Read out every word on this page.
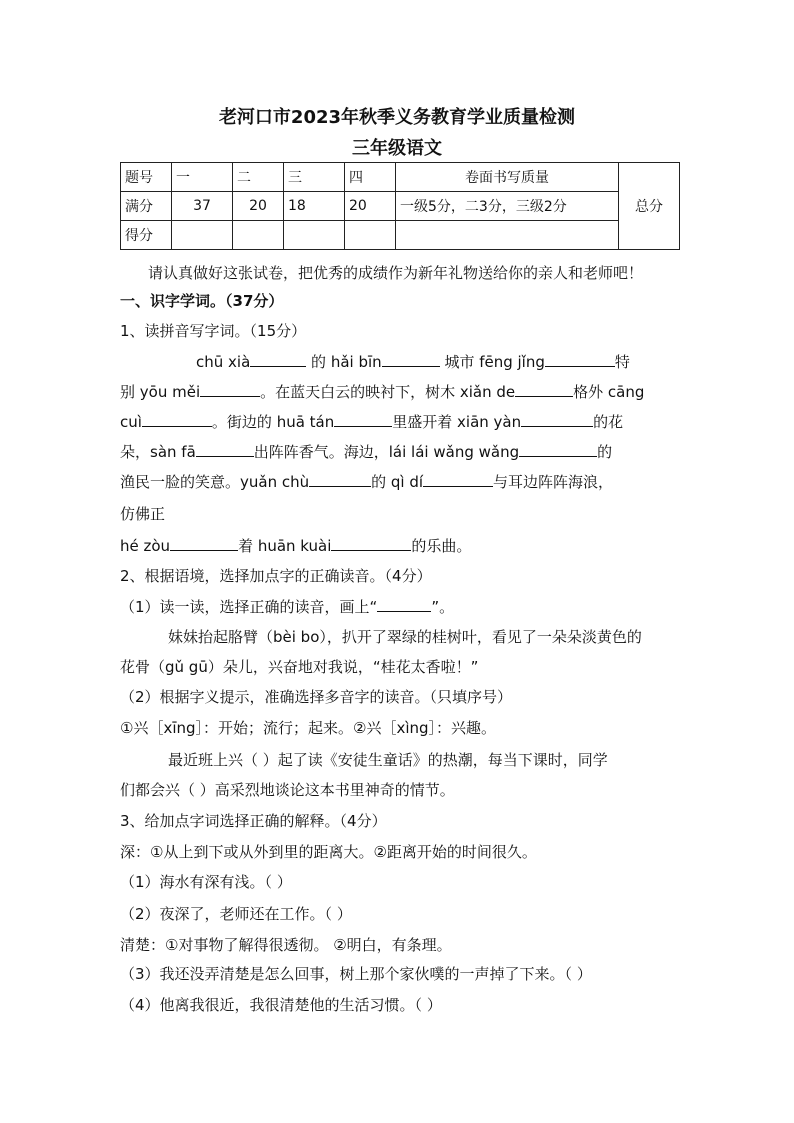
老河口市2023年秋季义务教育学业质量检测
三年级语文
题号	一	二	三	四	卷面书写质量	总分
满分	37	20	18	20	一级5分，二3分，三级2分	
得分						
请认真做好这张试卷，把优秀的成绩作为新年礼物送给你的亲人和老师吧！
一、识字学词。（37分）
1、读拼音写字词。（15分）
chū xià	的 hǎi bīn	城市 fēng jǐng	特
别 yōu měi	。在蓝天白云的映衬下，树木 xiǎn de	格外 cāng
cuì	。街边的 huā tán	里盛开着 xiān yàn	的花
朵，sàn fā	出阵阵香气。海边，lái lái wǎng wǎng	的
渔民一脸的笑意。yuǎn chù	的 qì dí	与耳边阵阵海浪，
仿佛正
hé zòu	着 huān kuài	的乐曲。
2、根据语境，选择加点字的正确读音。（4分）
（1）读一读，选择正确的读音，画上“	”。
妹妹抬起胳臂（bèi bo），扒开了翠绿的桂树叶，看见了一朵朵淡黄色的
花骨（gǔ gū）朵儿，兴奋地对我说，“桂花太香啦！”
（2）根据字义提示，准确选择多音字的读音。（只填序号）
①兴［xīng］：开始；流行；起来。②兴［xìng］：兴趣。
最近班上兴（ ）起了读《安徒生童话》的热潮，每当下课时，同学
们都会兴（ ）高采烈地谈论这本书里神奇的情节。
3、给加点字词选择正确的解释。（4分）
深：①从上到下或从外到里的距离大。②距离开始的时间很久。
（1）海水有深有浅。（ ）
（2）夜深了，老师还在工作。（ ）
清楚：①对事物了解得很透彻。 ②明白，有条理。
（3）我还没弄清楚是怎么回事，树上那个家伙噗的一声掉了下来。（ ）
（4）他离我很近，我很清楚他的生活习惯。（ ）
